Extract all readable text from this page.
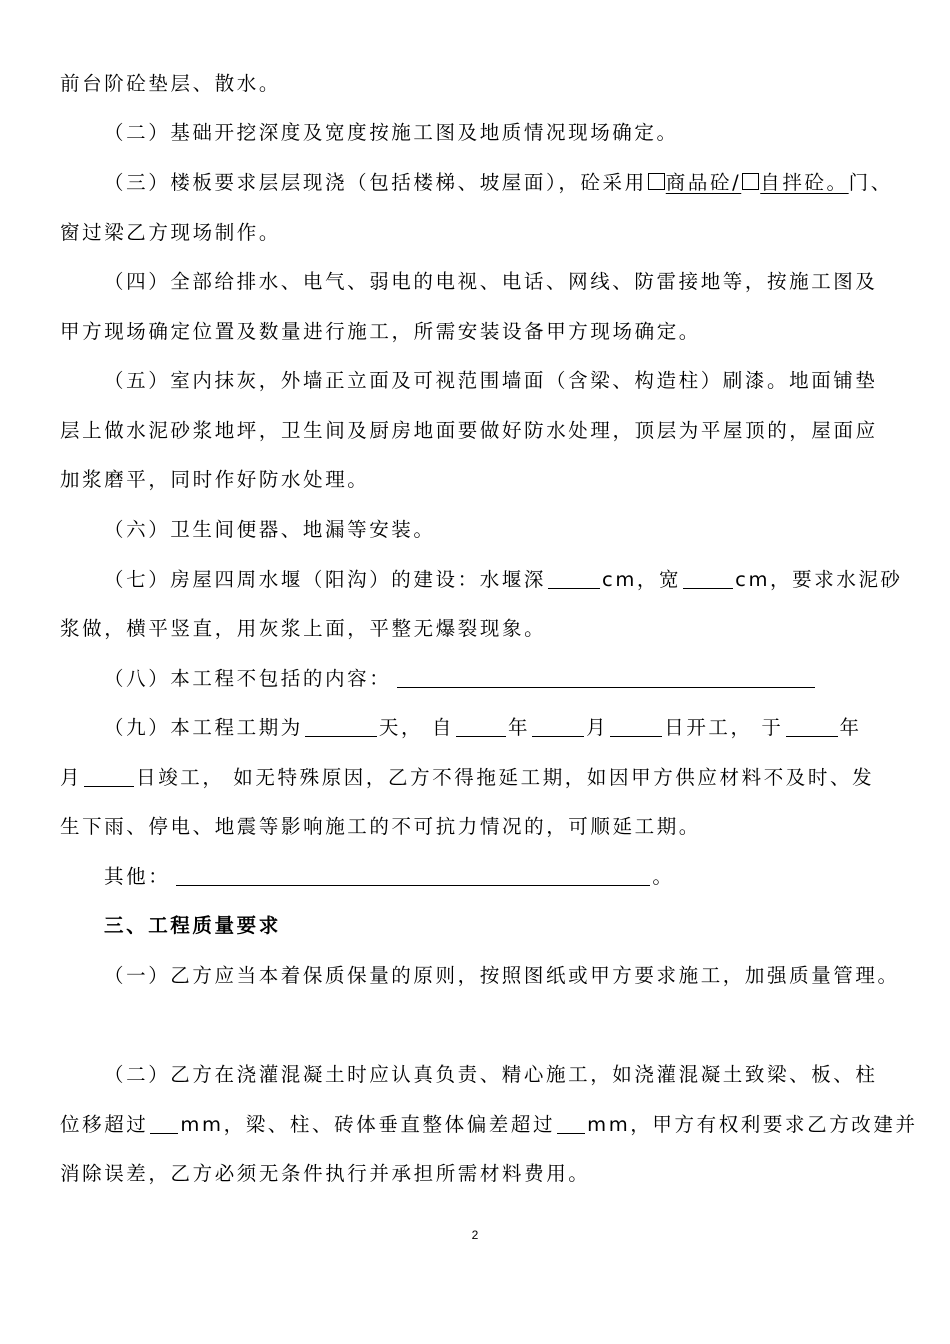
前台阶砼垫层、散水。
（二）基础开挖深度及宽度按施工图及地质情况现场确定。
（三）楼板要求层层现浇（包括楼梯、坡屋面），砼采用 商品砼/ 自拌砼。门、
窗过梁乙方现场制作。
（四）全部给排水、电气、弱电的电视、电话、网线、防雷接地等，按施工图及
甲方现场确定位置及数量进行施工，所需安装设备甲方现场确定。
（五）室内抹灰，外墙正立面及可视范围墙面（含梁、构造柱）刷漆。地面铺垫
层上做水泥砂浆地坪，卫生间及厨房地面要做好防水处理，顶层为平屋顶的，屋面应
加浆磨平，同时作好防水处理。
（六）卫生间便器、地漏等安装。
（七）房屋四周水堰（阳沟）的建设：水堰深	cm，宽	cm，要求水泥砂
浆做，横平竖直，用灰浆上面，平整无爆裂现象。
（八）本工程不包括的内容：
（九）本工程工期为	天， 自	年	月	日开工， 于	年
月	日竣工， 如无特殊原因，乙方不得拖延工期，如因甲方供应材料不及时、发
生下雨、停电、地震等影响施工的不可抗力情况的，可顺延工期。
其他：	。
三、工程质量要求
（一）乙方应当本着保质保量的原则，按照图纸或甲方要求施工，加强质量管理。
（二）乙方在浇灌混凝土时应认真负责、精心施工，如浇灌混凝土致梁、板、柱
位移超过 mm，梁、柱、砖体垂直整体偏差超过 mm，甲方有权利要求乙方改建并
消除误差，乙方必须无条件执行并承担所需材料费用。
2
